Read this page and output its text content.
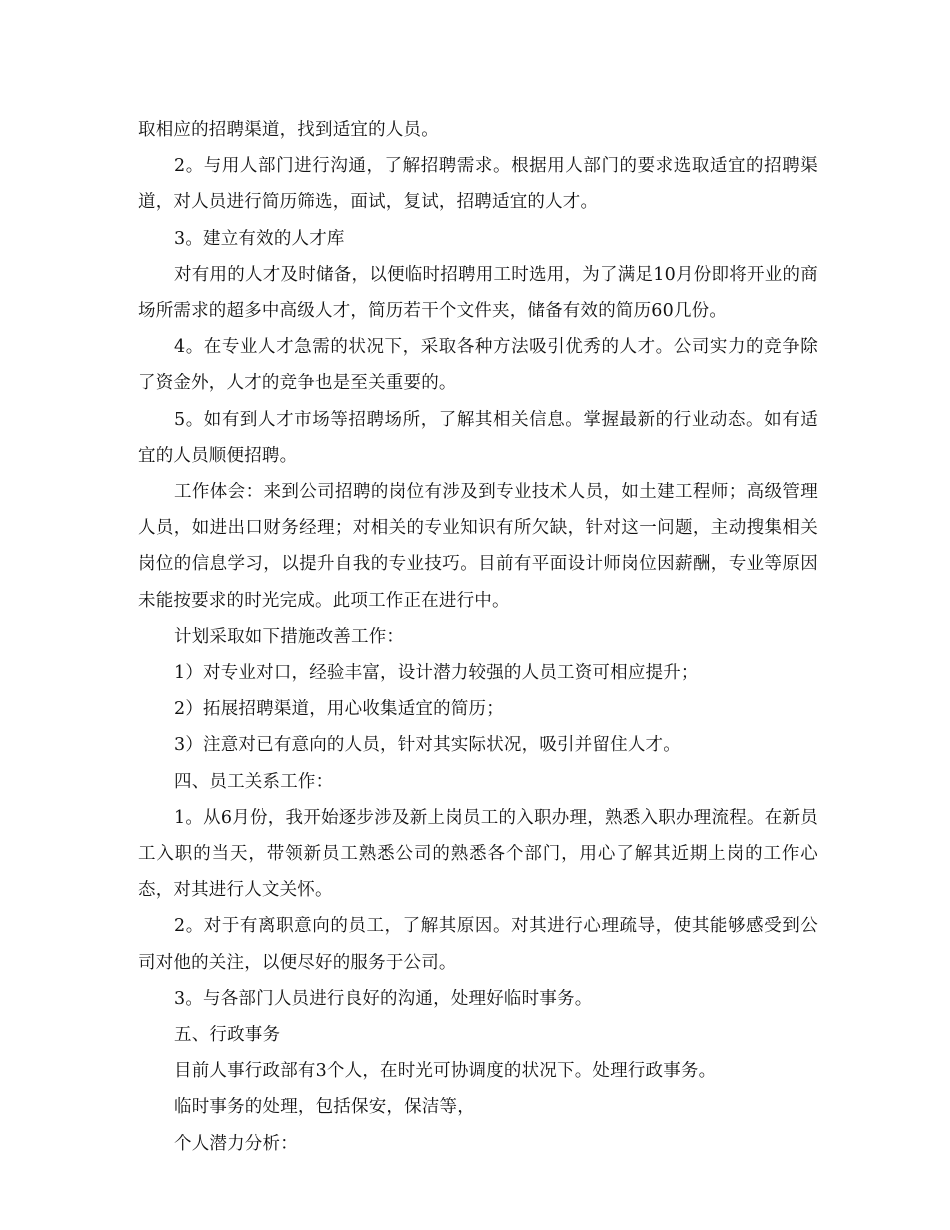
取相应的招聘渠道，找到适宜的人员。

2。与用人部门进行沟通，了解招聘需求。根据用人部门的要求选取适宜的招聘渠道，对人员进行简历筛选，面试，复试，招聘适宜的人才。

3。建立有效的人才库

对有用的人才及时储备，以便临时招聘用工时选用，为了满足10月份即将开业的商场所需求的超多中高级人才，简历若干个文件夹，储备有效的简历60几份。

4。在专业人才急需的状况下，采取各种方法吸引优秀的人才。公司实力的竞争除了资金外，人才的竞争也是至关重要的。

5。如有到人才市场等招聘场所，了解其相关信息。掌握最新的行业动态。如有适宜的人员顺便招聘。

工作体会：来到公司招聘的岗位有涉及到专业技术人员，如土建工程师；高级管理人员，如进出口财务经理；对相关的专业知识有所欠缺，针对这一问题，主动搜集相关岗位的信息学习，以提升自我的专业技巧。目前有平面设计师岗位因薪酬，专业等原因未能按要求的时光完成。此项工作正在进行中。

计划采取如下措施改善工作：

1）对专业对口，经验丰富，设计潜力较强的人员工资可相应提升；

2）拓展招聘渠道，用心收集适宜的简历；

3）注意对已有意向的人员，针对其实际状况，吸引并留住人才。

四、员工关系工作：

1。从6月份，我开始逐步涉及新上岗员工的入职办理，熟悉入职办理流程。在新员工入职的当天，带领新员工熟悉公司的熟悉各个部门，用心了解其近期上岗的工作心态，对其进行人文关怀。

2。对于有离职意向的员工，了解其原因。对其进行心理疏导，使其能够感受到公司对他的关注，以便尽好的服务于公司。

3。与各部门人员进行良好的沟通，处理好临时事务。

五、行政事务

目前人事行政部有3个人，在时光可协调度的状况下。处理行政事务。

临时事务的处理，包括保安，保洁等，

个人潜力分析：
